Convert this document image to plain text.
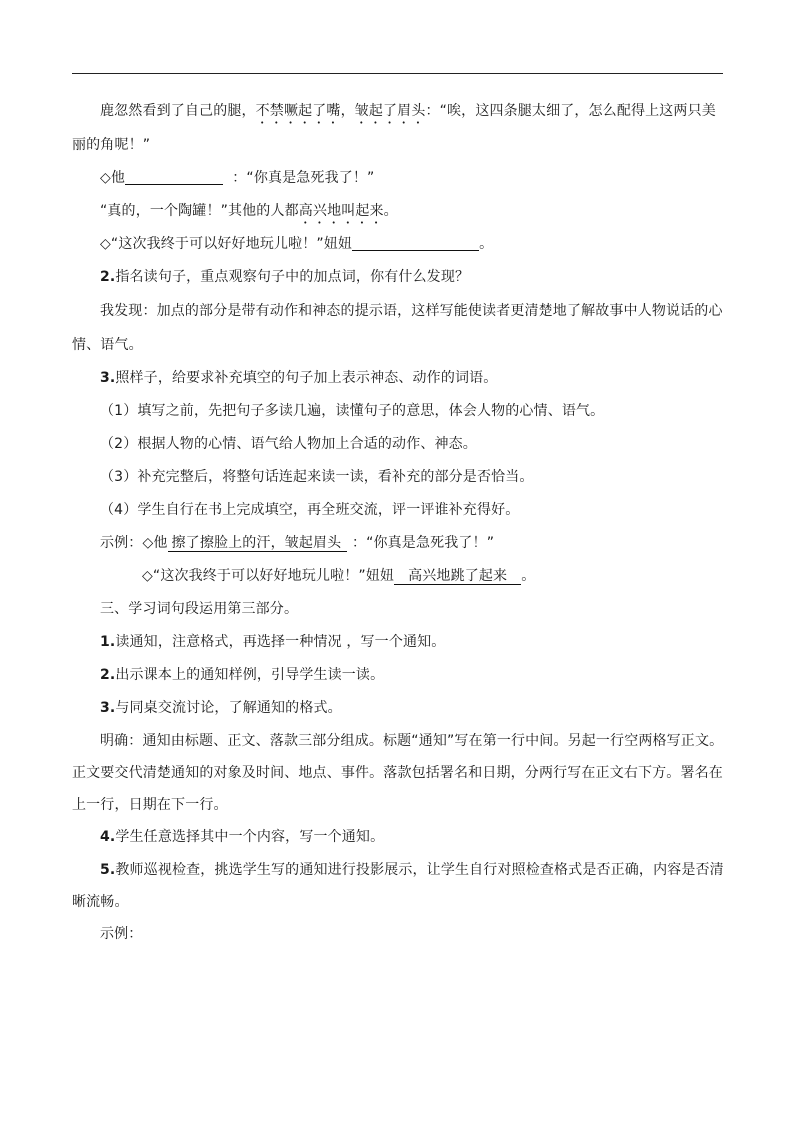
鹿忽然看到了自己的腿，不禁噘起了嘴，皱起了眉头：“唉，这四条腿太细了，怎么配得上这两只美丽的角呢！”

◇他	：“你真是急死我了！”

“真的，一个陶罐！”其他的人都高兴地叫起来。

◇“这次我终于可以好好地玩儿啦！”妞妞	。

2.指名读句子，重点观察句子中的加点词，你有什么发现？

我发现：加点的部分是带有动作和神态的提示语，这样写能使读者更清楚地了解故事中人物说话的心情、语气。

3.照样子，给要求补充填空的句子加上表示神态、动作的词语。

（1）填写之前，先把句子多读几遍，读懂句子的意思，体会人物的心情、语气。

（2）根据人物的心情、语气给人物加上合适的动作、神态。

（3）补充完整后，将整句话连起来读一读，看补充的部分是否恰当。

（4）学生自行在书上完成填空，再全班交流，评一评谁补充得好。

示例：◇他 擦了擦脸上的汗，皱起眉头 ：“你真是急死我了！”

◇“这次我终于可以好好地玩儿啦！”妞妞 高兴地跳了起来 。

三、学习词句段运用第三部分。

1.读通知，注意格式，再选择一种情况 ，写一个通知。

2.出示课本上的通知样例，引导学生读一读。

3.与同桌交流讨论，了解通知的格式。

明确：通知由标题、正文、落款三部分组成。标题“通知”写在第一行中间。另起一行空两格写正文。正文要交代清楚通知的对象及时间、地点、事件。落款包括署名和日期，分两行写在正文右下方。署名在上一行，日期在下一行。

4.学生任意选择其中一个内容，写一个通知。

5.教师巡视检查，挑选学生写的通知进行投影展示，让学生自行对照检查格式是否正确，内容是否清晰流畅。

示例：
